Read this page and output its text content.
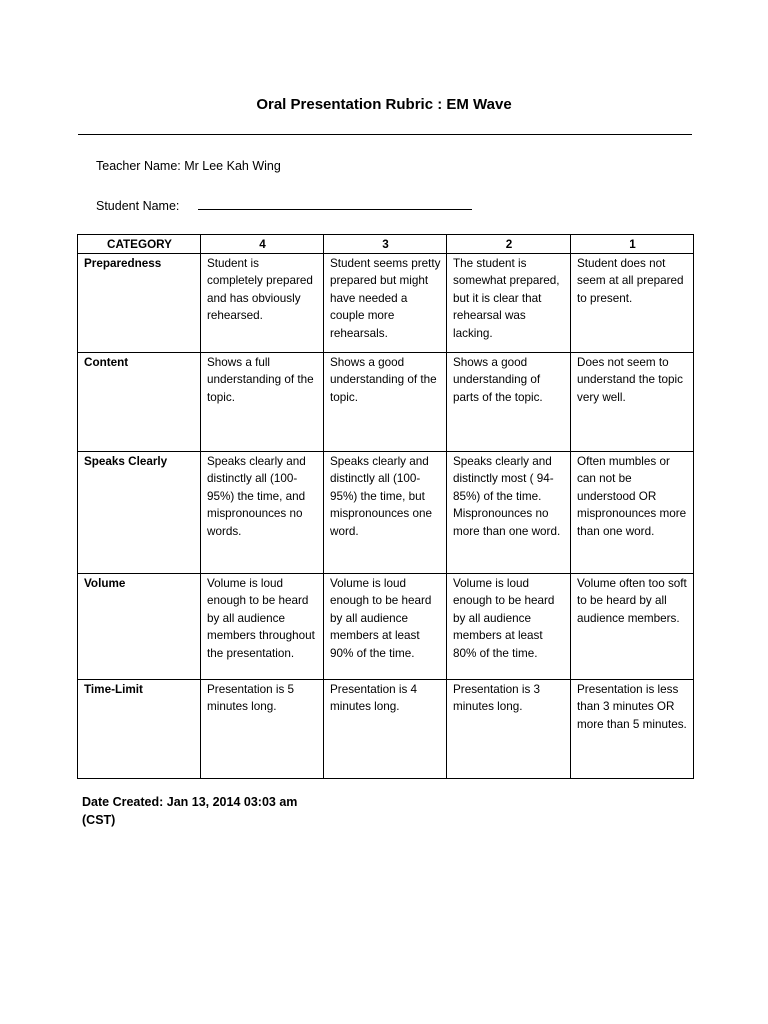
Oral Presentation Rubric : EM Wave
Teacher Name: Mr Lee Kah Wing
Student Name:
CATEGORY	4	3	2	1
Preparedness	Student is completely prepared and has obviously rehearsed.	Student seems pretty prepared but might have needed a couple more rehearsals.	The student is somewhat prepared, but it is clear that rehearsal was lacking.	Student does not seem at all prepared to present.
Content	Shows a full understanding of the topic.	Shows a good understanding of the topic.	Shows a good understanding of parts of the topic.	Does not seem to understand the topic very well.
Speaks Clearly	Speaks clearly and distinctly all (100-95%) the time, and mispronounces no words.	Speaks clearly and distinctly all (100-95%) the time, but mispronounces one word.	Speaks clearly and distinctly most ( 94-85%) of the time. Mispronounces no more than one word.	Often mumbles or can not be understood OR mispronounces more than one word.
Volume	Volume is loud enough to be heard by all audience members throughout the presentation.	Volume is loud enough to be heard by all audience members at least 90% of the time.	Volume is loud enough to be heard by all audience members at least 80% of the time.	Volume often too soft to be heard by all audience members.
Time-Limit	Presentation is 5 minutes long.	Presentation is 4 minutes long.	Presentation is 3 minutes long.	Presentation is less than 3 minutes OR more than 5 minutes.
Date Created: Jan 13, 2014 03:03 am (CST)
